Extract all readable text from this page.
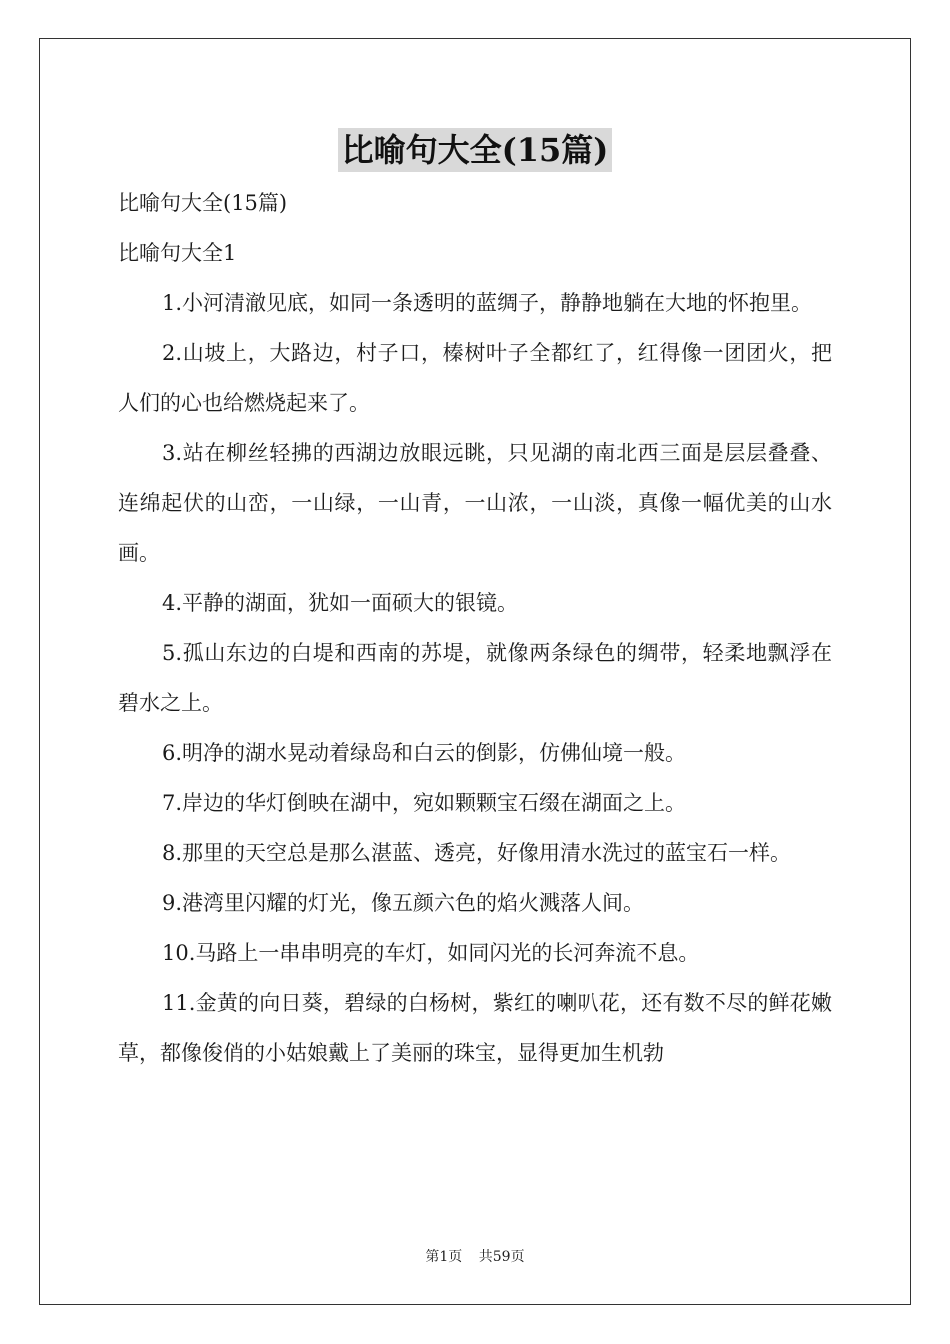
比喻句大全(15篇)

比喻句大全(15篇)

比喻句大全1

1.小河清澈见底，如同一条透明的蓝绸子，静静地躺在大地的怀抱里。

2.山坡上，大路边，村子口，榛树叶子全都红了，红得像一团团火，把人们的心也给燃烧起来了。

3.站在柳丝轻拂的西湖边放眼远眺，只见湖的南北西三面是层层叠叠、连绵起伏的山峦，一山绿，一山青，一山浓，一山淡，真像一幅优美的山水画。

4.平静的湖面，犹如一面硕大的银镜。

5.孤山东边的白堤和西南的苏堤，就像两条绿色的绸带，轻柔地飘浮在碧水之上。

6.明净的湖水晃动着绿岛和白云的倒影，仿佛仙境一般。

7.岸边的华灯倒映在湖中，宛如颗颗宝石缀在湖面之上。

8.那里的天空总是那么湛蓝、透亮，好像用清水洗过的蓝宝石一样。

9.港湾里闪耀的灯光，像五颜六色的焰火溅落人间。

10.马路上一串串明亮的车灯，如同闪光的长河奔流不息。

11.金黄的向日葵，碧绿的白杨树，紫红的喇叭花，还有数不尽的鲜花嫩草，都像俊俏的小姑娘戴上了美丽的珠宝，显得更加生机勃

第1页 共59页
